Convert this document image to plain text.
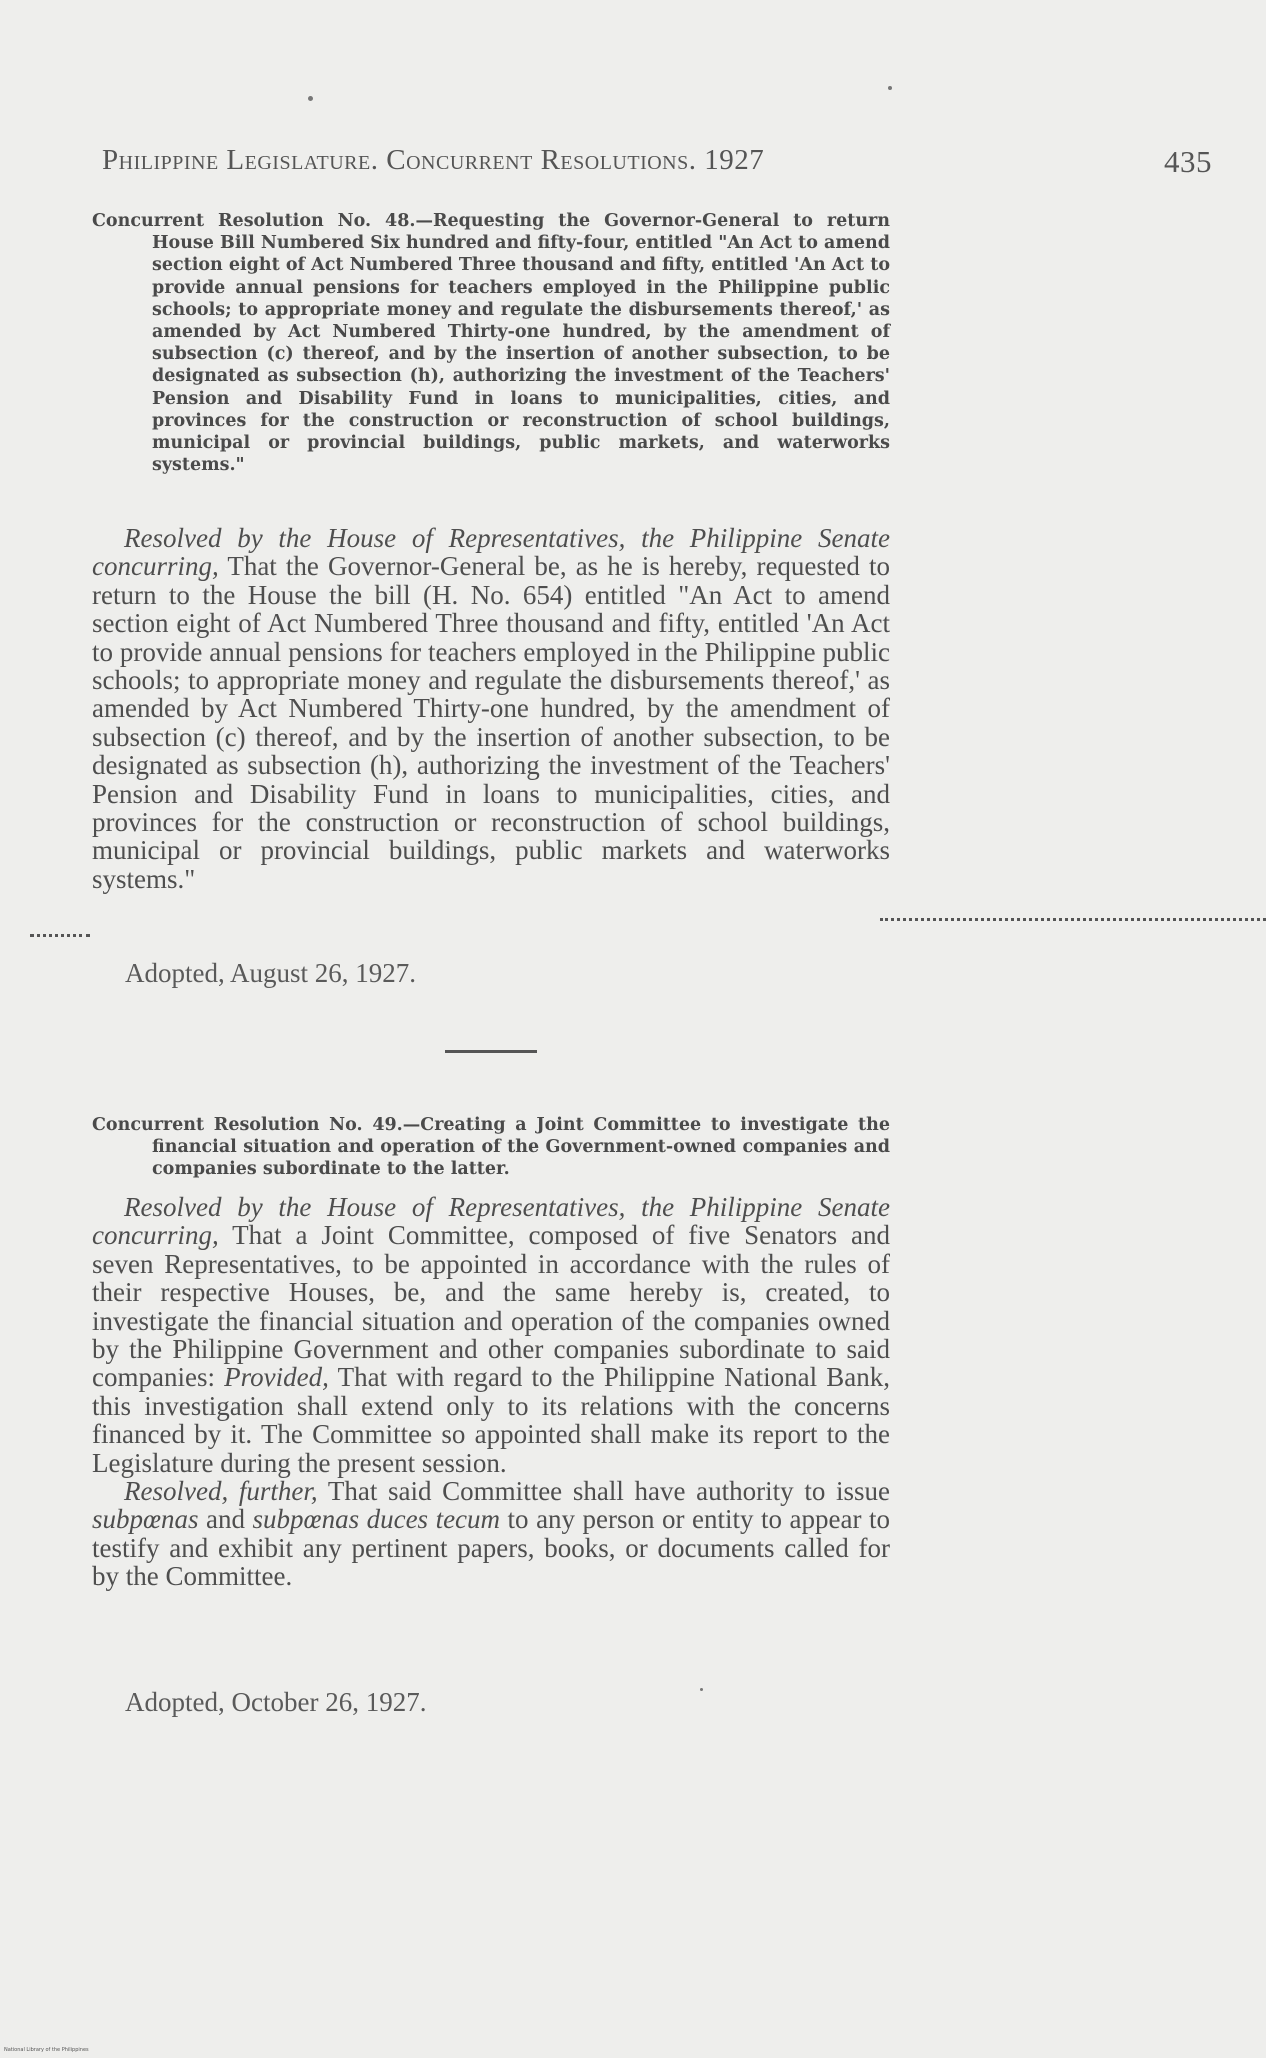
Philippine Legislature. Concurrent Resolutions. 1927	435
Concurrent Resolution No. 48.—Requesting the Governor-General to return House Bill Numbered Six hundred and fifty-four, entitled "An Act to amend section eight of Act Numbered Three thousand and fifty, entitled 'An Act to provide annual pensions for teachers employed in the Philippine public schools; to appropriate money and regulate the disbursements thereof,' as amended by Act Numbered Thirty-one hundred, by the amendment of subsection (c) thereof, and by the insertion of another subsection, to be designated as subsection (h), authorizing the investment of the Teachers' Pension and Disability Fund in loans to municipalities, cities, and provinces for the construction or reconstruction of school buildings, municipal or provincial buildings, public markets, and waterworks systems."

Resolved by the House of Representatives, the Philippine Senate concurring, That the Governor-General be, as he is hereby, requested to return to the House the bill (H. No. 654) entitled "An Act to amend section eight of Act Numbered Three thousand and fifty, entitled 'An Act to provide annual pensions for teachers employed in the Philippine public schools; to appropriate money and regulate the disbursements thereof,' as amended by Act Numbered Thirty-one hundred, by the amendment of subsection (c) thereof, and by the insertion of another subsection, to be designated as subsection (h), authorizing the investment of the Teachers' Pension and Disability Fund in loans to municipalities, cities, and provinces for the construction or reconstruction of school buildings, municipal or provincial buildings, public markets and waterworks systems."

Adopted, August 26, 1927.
Concurrent Resolution No. 49.—Creating a Joint Committee to investigate the financial situation and operation of the Government-owned companies and companies subordinate to the latter.

Resolved by the House of Representatives, the Philippine Senate concurring, That a Joint Committee, composed of five Senators and seven Representatives, to be appointed in accordance with the rules of their respective Houses, be, and the same hereby is, created, to investigate the financial situation and operation of the companies owned by the Philippine Government and other companies subordinate to said companies: Provided, That with regard to the Philippine National Bank, this investigation shall extend only to its relations with the concerns financed by it. The Committee so appointed shall make its report to the Legislature during the present session.

Resolved, further, That said Committee shall have authority to issue subpœnas and subpœnas duces tecum to any person or entity to appear to testify and exhibit any pertinent papers, books, or documents called for by the Committee.

Adopted, October 26, 1927.
National Library of the Philippines
